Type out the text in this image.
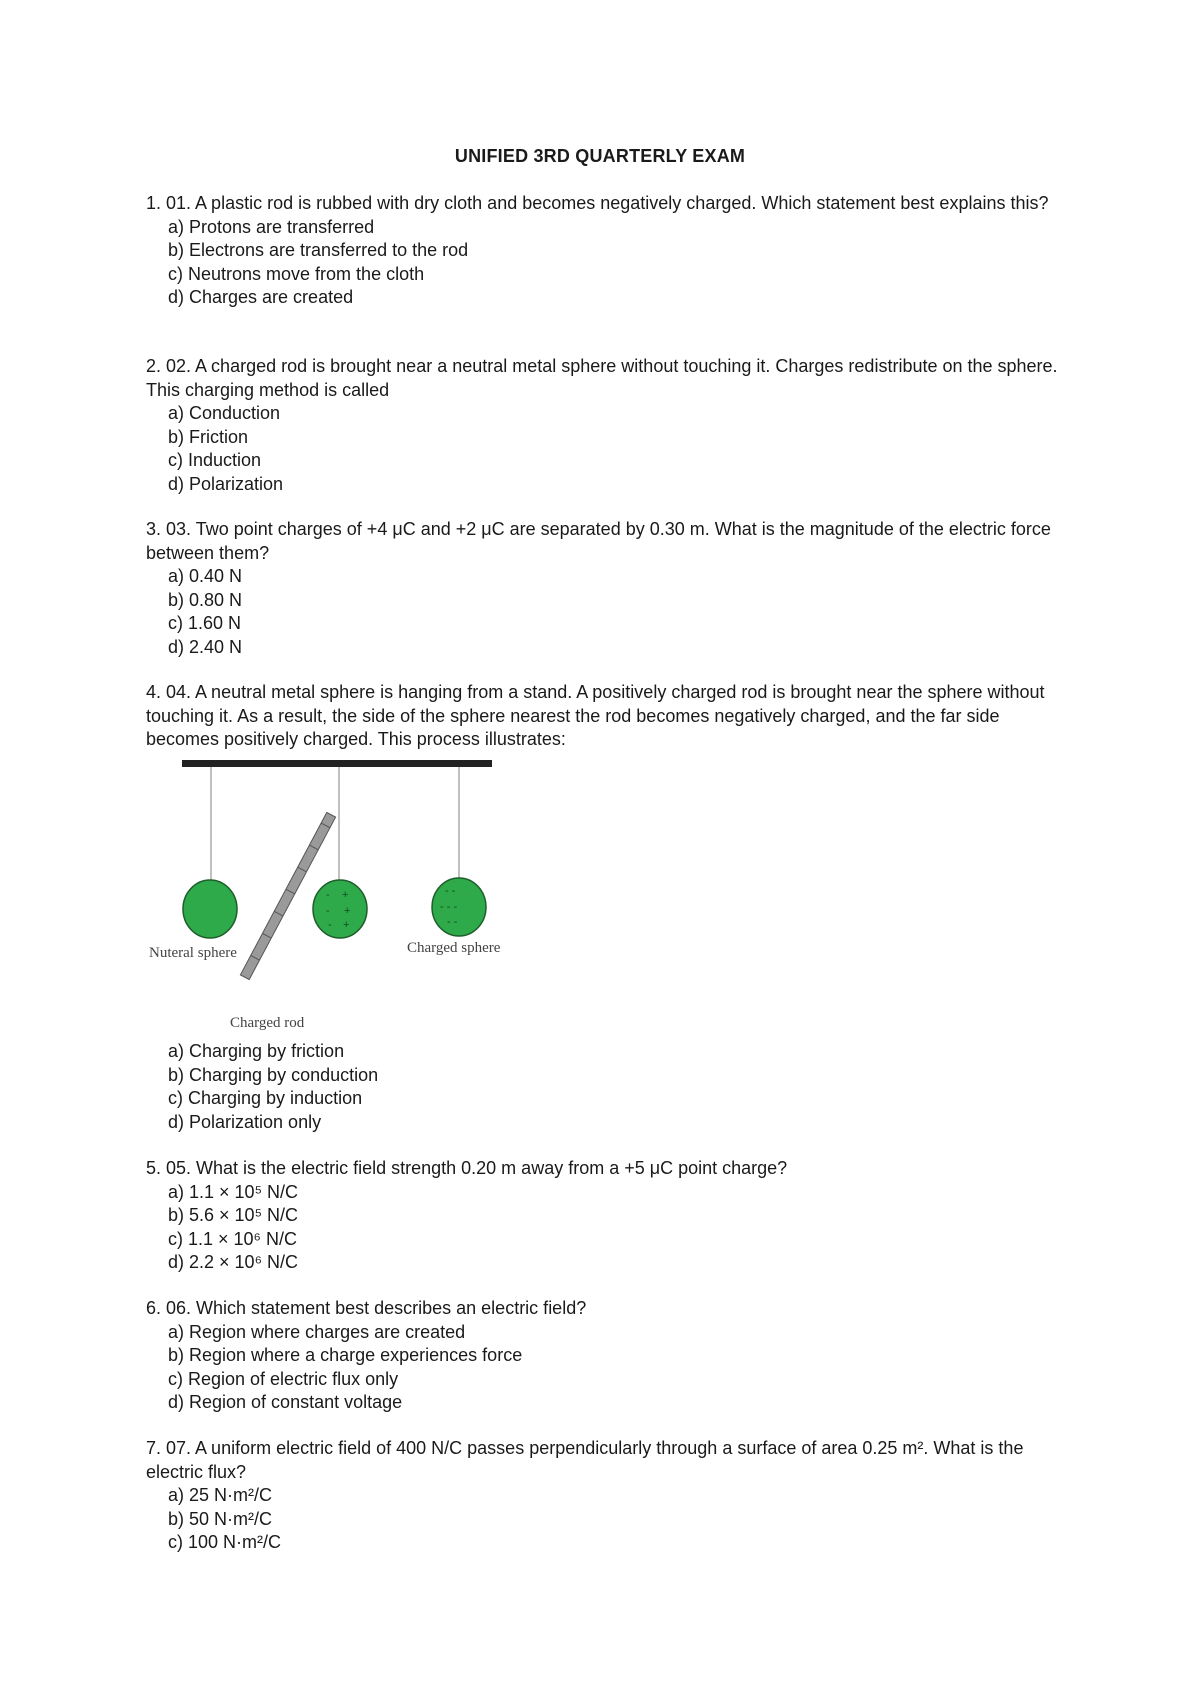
UNIFIED 3RD QUARTERLY EXAM

1. 01. A plastic rod is rubbed with dry cloth and becomes negatively charged. Which statement best explains this?

a) Protons are transferred
b) Electrons are transferred to the rod
c) Neutrons move from the cloth
d) Charges are created

2. 02. A charged rod is brought near a neutral metal sphere without touching it. Charges redistribute on the sphere. This charging method is called

a) Conduction
b) Friction
c) Induction
d) Polarization

3. 03. Two point charges of +4 μC and +2 μC are separated by 0.30 m. What is the magnitude of the electric force between them?

a) 0.40 N
b) 0.80 N
c) 1.60 N
d) 2.40 N

4. 04. A neutral metal sphere is hanging from a stand. A positively charged rod is brought near the sphere without touching it. As a result, the side of the sphere nearest the rod becomes negatively charged, and the far side becomes positively charged. This process illustrates:

- +
- +
- +
- -
- - -
- -
Nuteral sphere	Charged sphere
Charged rod
a) Charging by friction
b) Charging by conduction
c) Charging by induction
d) Polarization only

5. 05. What is the electric field strength 0.20 m away from a +5 μC point charge?

a) 1.1 × 10⁵ N/C
b) 5.6 × 10⁵ N/C
c) 1.1 × 10⁶ N/C
d) 2.2 × 10⁶ N/C

6. 06. Which statement best describes an electric field?

a) Region where charges are created
b) Region where a charge experiences force
c) Region of electric flux only
d) Region of constant voltage

7. 07. A uniform electric field of 400 N/C passes perpendicularly through a surface of area 0.25 m². What is the electric flux?

a) 25 N·m²/C
b) 50 N·m²/C
c) 100 N·m²/C
